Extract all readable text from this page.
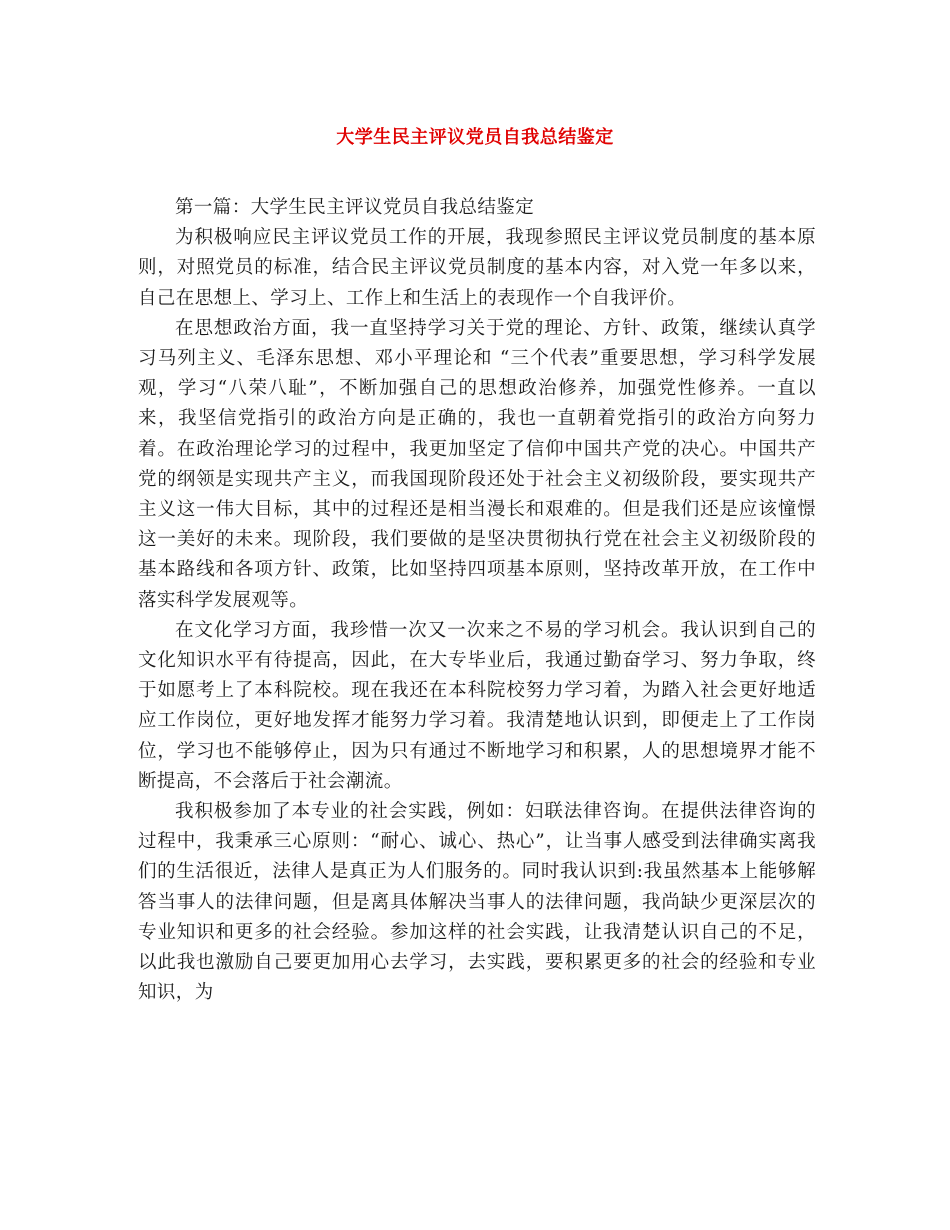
大学生民主评议党员自我总结鉴定

第一篇：大学生民主评议党员自我总结鉴定

为积极响应民主评议党员工作的开展，我现参照民主评议党员制度的基本原则，对照党员的标准，结合民主评议党员制度的基本内容，对入党一年多以来，自己在思想上、学习上、工作上和生活上的表现作一个自我评价。

在思想政治方面，我一直坚持学习关于党的理论、方针、政策，继续认真学习马列主义、毛泽东思想、邓小平理论和 “三个代表”重要思想，学习科学发展观，学习“八荣八耻”，不断加强自己的思想政治修养，加强党性修养。一直以来，我坚信党指引的政治方向是正确的，我也一直朝着党指引的政治方向努力着。在政治理论学习的过程中，我更加坚定了信仰中国共产党的决心。中国共产党的纲领是实现共产主义，而我国现阶段还处于社会主义初级阶段，要实现共产主义这一伟大目标，其中的过程还是相当漫长和艰难的。但是我们还是应该憧憬这一美好的未来。现阶段，我们要做的是坚决贯彻执行党在社会主义初级阶段的基本路线和各项方针、政策，比如坚持四项基本原则，坚持改革开放，在工作中落实科学发展观等。

在文化学习方面，我珍惜一次又一次来之不易的学习机会。我认识到自己的文化知识水平有待提高，因此，在大专毕业后，我通过勤奋学习、努力争取，终于如愿考上了本科院校。现在我还在本科院校努力学习着，为踏入社会更好地适应工作岗位，更好地发挥才能努力学习着。我清楚地认识到，即便走上了工作岗位，学习也不能够停止，因为只有通过不断地学习和积累，人的思想境界才能不断提高，不会落后于社会潮流。

我积极参加了本专业的社会实践，例如：妇联法律咨询。在提供法律咨询的过程中，我秉承三心原则：“耐心、诚心、热心”，让当事人感受到法律确实离我们的生活很近，法律人是真正为人们服务的。同时我认识到:我虽然基本上能够解答当事人的法律问题，但是离具体解决当事人的法律问题，我尚缺少更深层次的专业知识和更多的社会经验。参加这样的社会实践，让我清楚认识自己的不足，以此我也激励自己要更加用心去学习，去实践，要积累更多的社会的经验和专业知识，为
